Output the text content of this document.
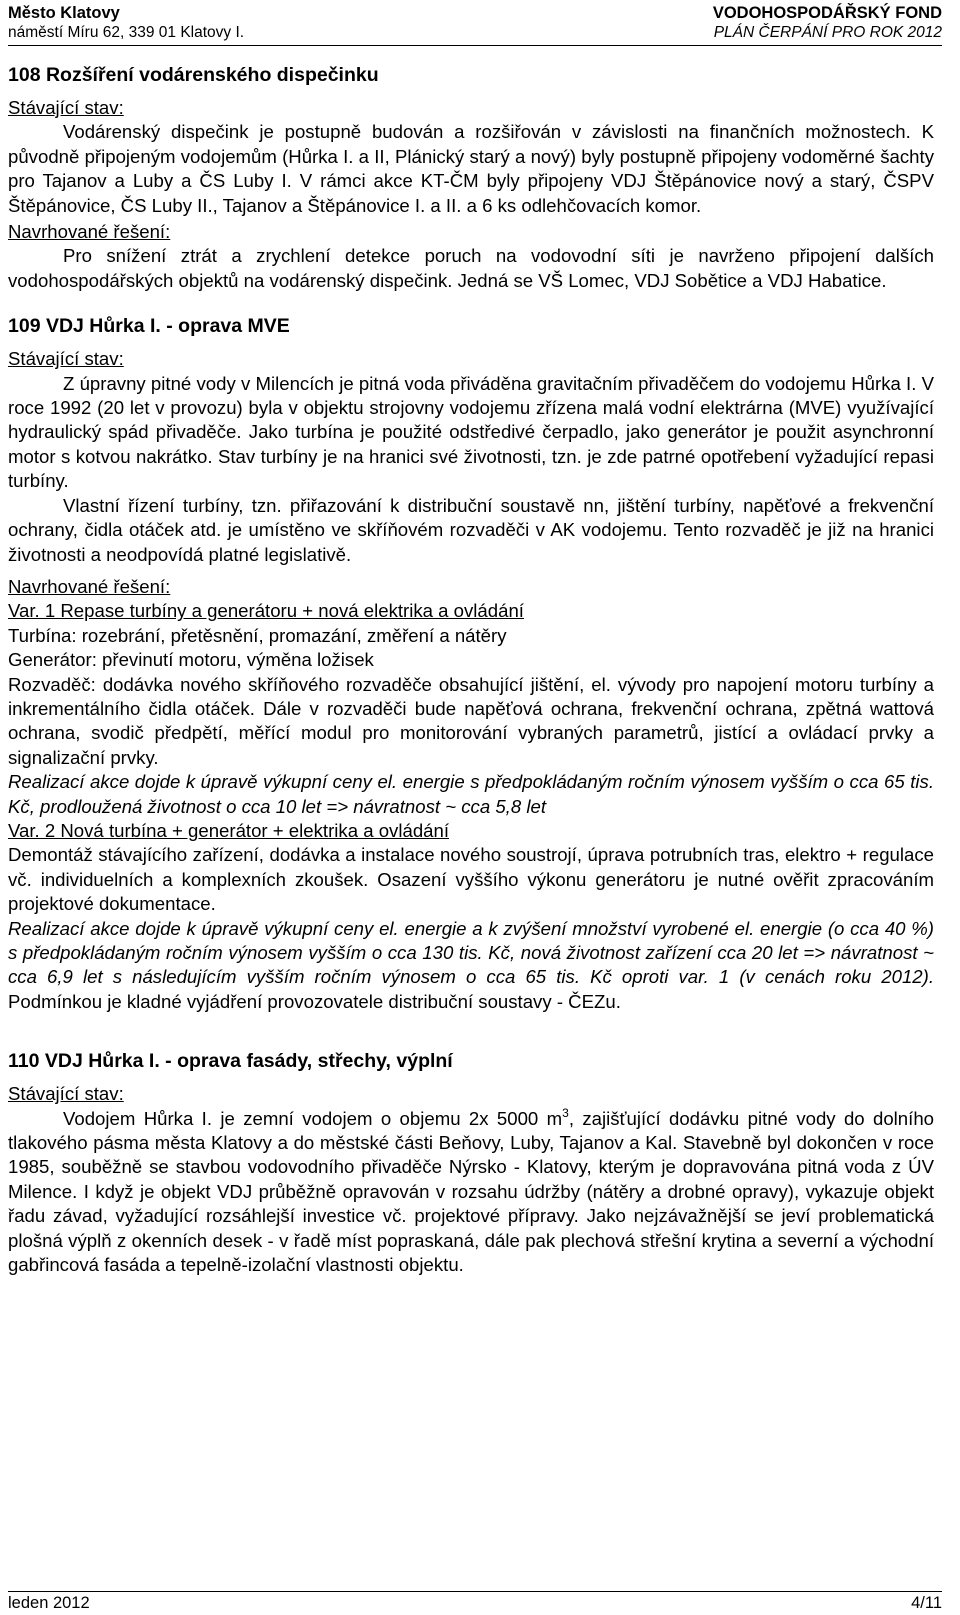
Město Klatovy
náměstí Míru 62, 339 01 Klatovy I.
VODOHOSPODÁŘSKÝ FOND
PLÁN ČERPÁNÍ PRO ROK 2012
108 Rozšíření vodárenského dispečinku
Stávající stav:

Vodárenský dispečink je postupně budován a rozšiřován v závislosti na finančních možnostech. K původně připojeným vodojemům (Hůrka I. a II, Plánický starý a nový) byly postupně připojeny vodoměrné šachty pro Tajanov a Luby a ČS Luby I. V rámci akce KT-ČM byly připojeny VDJ Štěpánovice nový a starý, ČSPV Štěpánovice, ČS Luby II., Tajanov a Štěpánovice I. a II. a 6 ks odlehčovacích komor.

Navrhované řešení:

Pro snížení ztrát a zrychlení detekce poruch na vodovodní síti je navrženo připojení dalších vodohospodářských objektů na vodárenský dispečink. Jedná se VŠ Lomec, VDJ Sobětice a VDJ Habatice.

109 VDJ Hůrka I. - oprava MVE
Stávající stav:

Z úpravny pitné vody v Milencích je pitná voda přiváděna gravitačním přivaděčem do vodojemu Hůrka I. V roce 1992 (20 let v provozu) byla v objektu strojovny vodojemu zřízena malá vodní elektrárna (MVE) využívající hydraulický spád přivaděče. Jako turbína je použité odstředivé čerpadlo, jako generátor je použit asynchronní motor s kotvou nakrátko. Stav turbíny je na hranici své životnosti, tzn. je zde patrné opotřebení vyžadující repasi turbíny.

Vlastní řízení turbíny, tzn. přiřazování k distribuční soustavě nn, jištění turbíny, napěťové a frekvenční ochrany, čidla otáček atd. je umístěno ve skříňovém rozvaděči v AK vodojemu. Tento rozvaděč je již na hranici životnosti a neodpovídá platné legislativě.

Navrhované řešení:

Var. 1 Repase turbíny a generátoru + nová elektrika a ovládání

Turbína: rozebrání, přetěsnění, promazání, změření a nátěry

Generátor: převinutí motoru, výměna ložisek

Rozvaděč: dodávka nového skříňového rozvaděče obsahující jištění, el. vývody pro napojení motoru turbíny a inkrementálního čidla otáček. Dále v rozvaděči bude napěťová ochrana, frekvenční ochrana, zpětná wattová ochrana, svodič předpětí, měřící modul pro monitorování vybraných parametrů, jistící a ovládací prvky a signalizační prvky.

Realizací akce dojde k úpravě výkupní ceny el. energie s předpokládaným ročním výnosem vyšším o cca 65 tis. Kč, prodloužená životnost o cca 10 let => návratnost ~ cca 5,8 let

Var. 2 Nová turbína + generátor + elektrika a ovládání

Demontáž stávajícího zařízení, dodávka a instalace nového soustrojí, úprava potrubních tras, elektro + regulace vč. individuelních a komplexních zkoušek. Osazení vyššího výkonu generátoru je nutné ověřit zpracováním projektové dokumentace.

Realizací akce dojde k úpravě výkupní ceny el. energie a k zvýšení množství vyrobené el. energie (o cca 40 %) s předpokládaným ročním výnosem vyšším o cca 130 tis. Kč, nová životnost zařízení cca 20 let => návratnost ~ cca 6,9 let s následujícím vyšším ročním výnosem o cca 65 tis. Kč oproti var. 1 (v cenách roku 2012). Podmínkou je kladné vyjádření provozovatele distribuční soustavy - ČEZu.

110 VDJ Hůrka I. - oprava fasády, střechy, výplní
Stávající stav:

Vodojem Hůrka I. je zemní vodojem o objemu 2x 5000 $m^3$, zajišťující dodávku pitné vody do dolního tlakového pásma města Klatovy a do městské části Beňovy, Luby, Tajanov a Kal. Stavebně byl dokončen v roce 1985, souběžně se stavbou vodovodního přivaděče Nýrsko - Klatovy, kterým je dopravována pitná voda z ÚV Milence. I když je objekt VDJ průběžně opravován v rozsahu údržby (nátěry a drobné opravy), vykazuje objekt řadu závad, vyžadující rozsáhlejší investice vč. projektové přípravy. Jako nejzávažnější se jeví problematická plošná výplň z okenních desek - v řadě míst popraskaná, dále pak plechová střešní krytina a severní a východní gabřincová fasáda a tepelně-izolační vlastnosti objektu.

leden 2012	4/11
